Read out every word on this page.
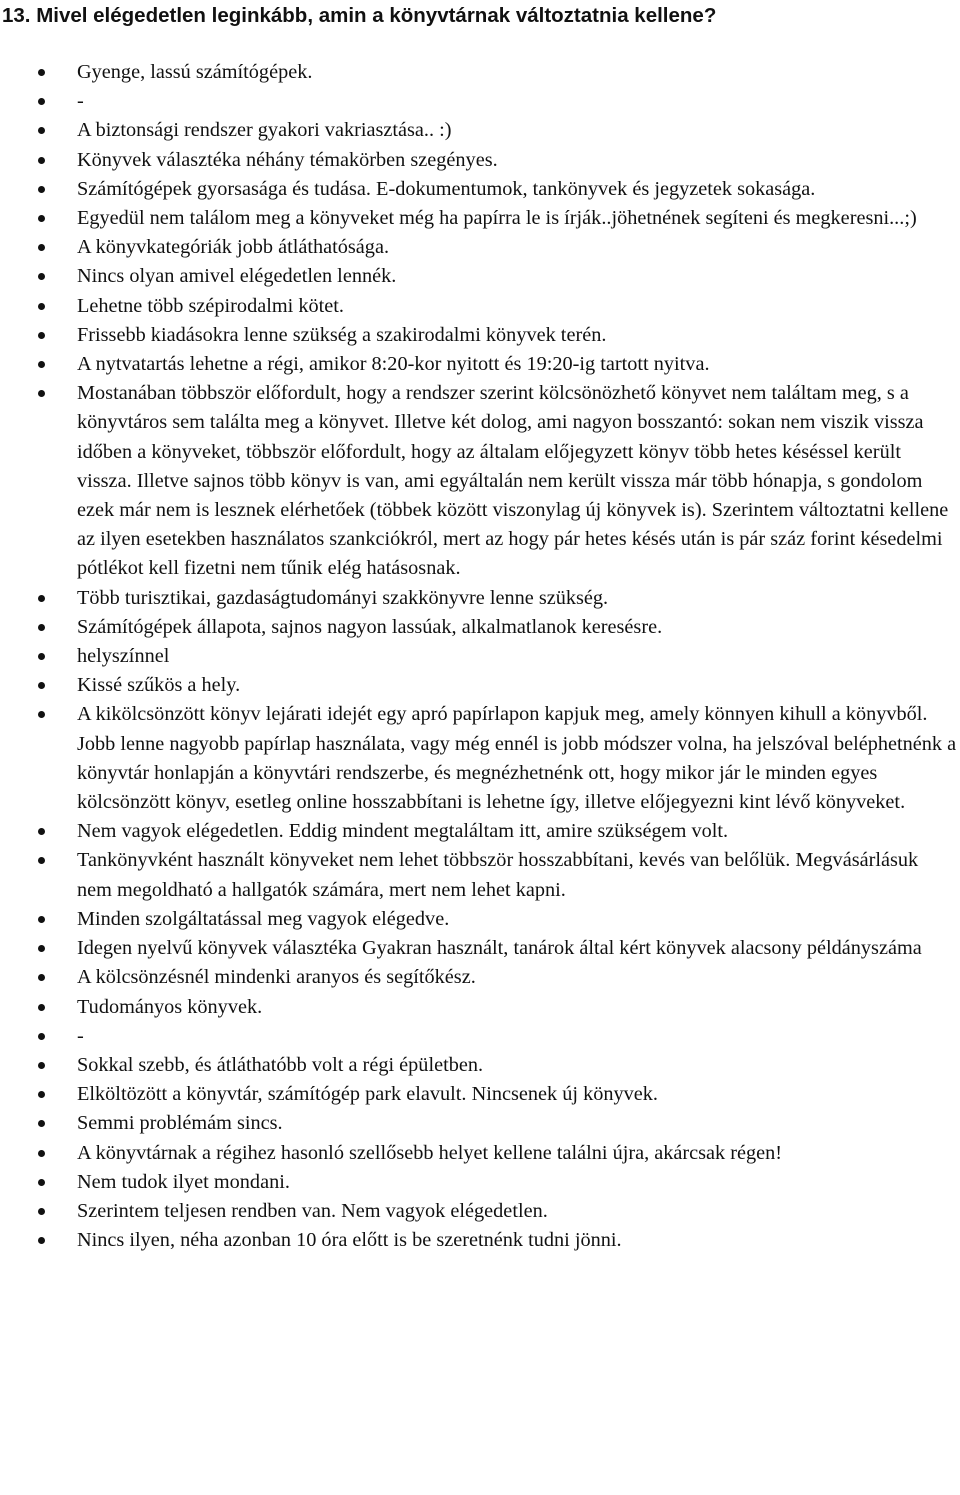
13. Mivel elégedetlen leginkább, amin a könyvtárnak változtatnia kellene?
Gyenge, lassú számítógépek.
-
A biztonsági rendszer gyakori vakriasztása.. :)
Könyvek választéka néhány témakörben szegényes.
Számítógépek gyorsasága és tudása. E-dokumentumok, tankönyvek és jegyzetek sokasága.
Egyedül nem találom meg a könyveket még ha papírra le is írják..jöhetnének segíteni és megkeresni...;)
A könyvkategóriák jobb átláthatósága.
Nincs olyan amivel elégedetlen lennék.
Lehetne több szépirodalmi kötet.
Frissebb kiadásokra lenne szükség a szakirodalmi könyvek terén.
A nytvatartás lehetne a régi, amikor 8:20-kor nyitott és 19:20-ig tartott nyitva.
Mostanában többször előfordult, hogy a rendszer szerint kölcsönözhető könyvet nem találtam meg, s a könyvtáros sem találta meg a könyvet. Illetve két dolog, ami nagyon bosszantó: sokan nem viszik vissza időben a könyveket, többször előfordult, hogy az általam előjegyzett könyv több hetes késéssel került vissza. Illetve sajnos több könyv is van, ami egyáltalán nem került vissza már több hónapja, s gondolom ezek már nem is lesznek elérhetőek (többek között viszonylag új könyvek is). Szerintem változtatni kellene az ilyen esetekben használatos szankciókról, mert az hogy pár hetes késés után is pár száz forint késedelmi pótlékot kell fizetni nem tűnik elég hatásosnak.
Több turisztikai, gazdaságtudományi szakkönyvre lenne szükség.
Számítógépek állapota, sajnos nagyon lassúak, alkalmatlanok keresésre.
helyszínnel
Kissé szűkös a hely.
A kikölcsönzött könyv lejárati idejét egy apró papírlapon kapjuk meg, amely könnyen kihull a könyvből. Jobb lenne nagyobb papírlap használata, vagy még ennél is jobb módszer volna, ha jelszóval beléphetnénk a könyvtár honlapján a könyvtári rendszerbe, és megnézhetnénk ott, hogy mikor jár le minden egyes kölcsönzött könyv, esetleg online hosszabbítani is lehetne így, illetve előjegyezni kint lévő könyveket.
Nem vagyok elégedetlen. Eddig mindent megtaláltam itt, amire szükségem volt.
Tankönyvként használt könyveket nem lehet többször hosszabbítani, kevés van belőlük. Megvásárlásuk nem megoldható a hallgatók számára, mert nem lehet kapni.
Minden szolgáltatással meg vagyok elégedve.
Idegen nyelvű könyvek választéka Gyakran használt, tanárok által kért könyvek alacsony példányszáma
A kölcsönzésnél mindenki aranyos és segítőkész.
Tudományos könyvek.
-
Sokkal szebb, és átláthatóbb volt a régi épületben.
Elköltözött a könyvtár, számítógép park elavult. Nincsenek új könyvek.
Semmi problémám sincs.
A könyvtárnak a régihez hasonló szellősebb helyet kellene találni újra, akárcsak régen!
Nem tudok ilyet mondani.
Szerintem teljesen rendben van. Nem vagyok elégedetlen.
Nincs ilyen, néha azonban 10 óra előtt is be szeretnénk tudni jönni.
